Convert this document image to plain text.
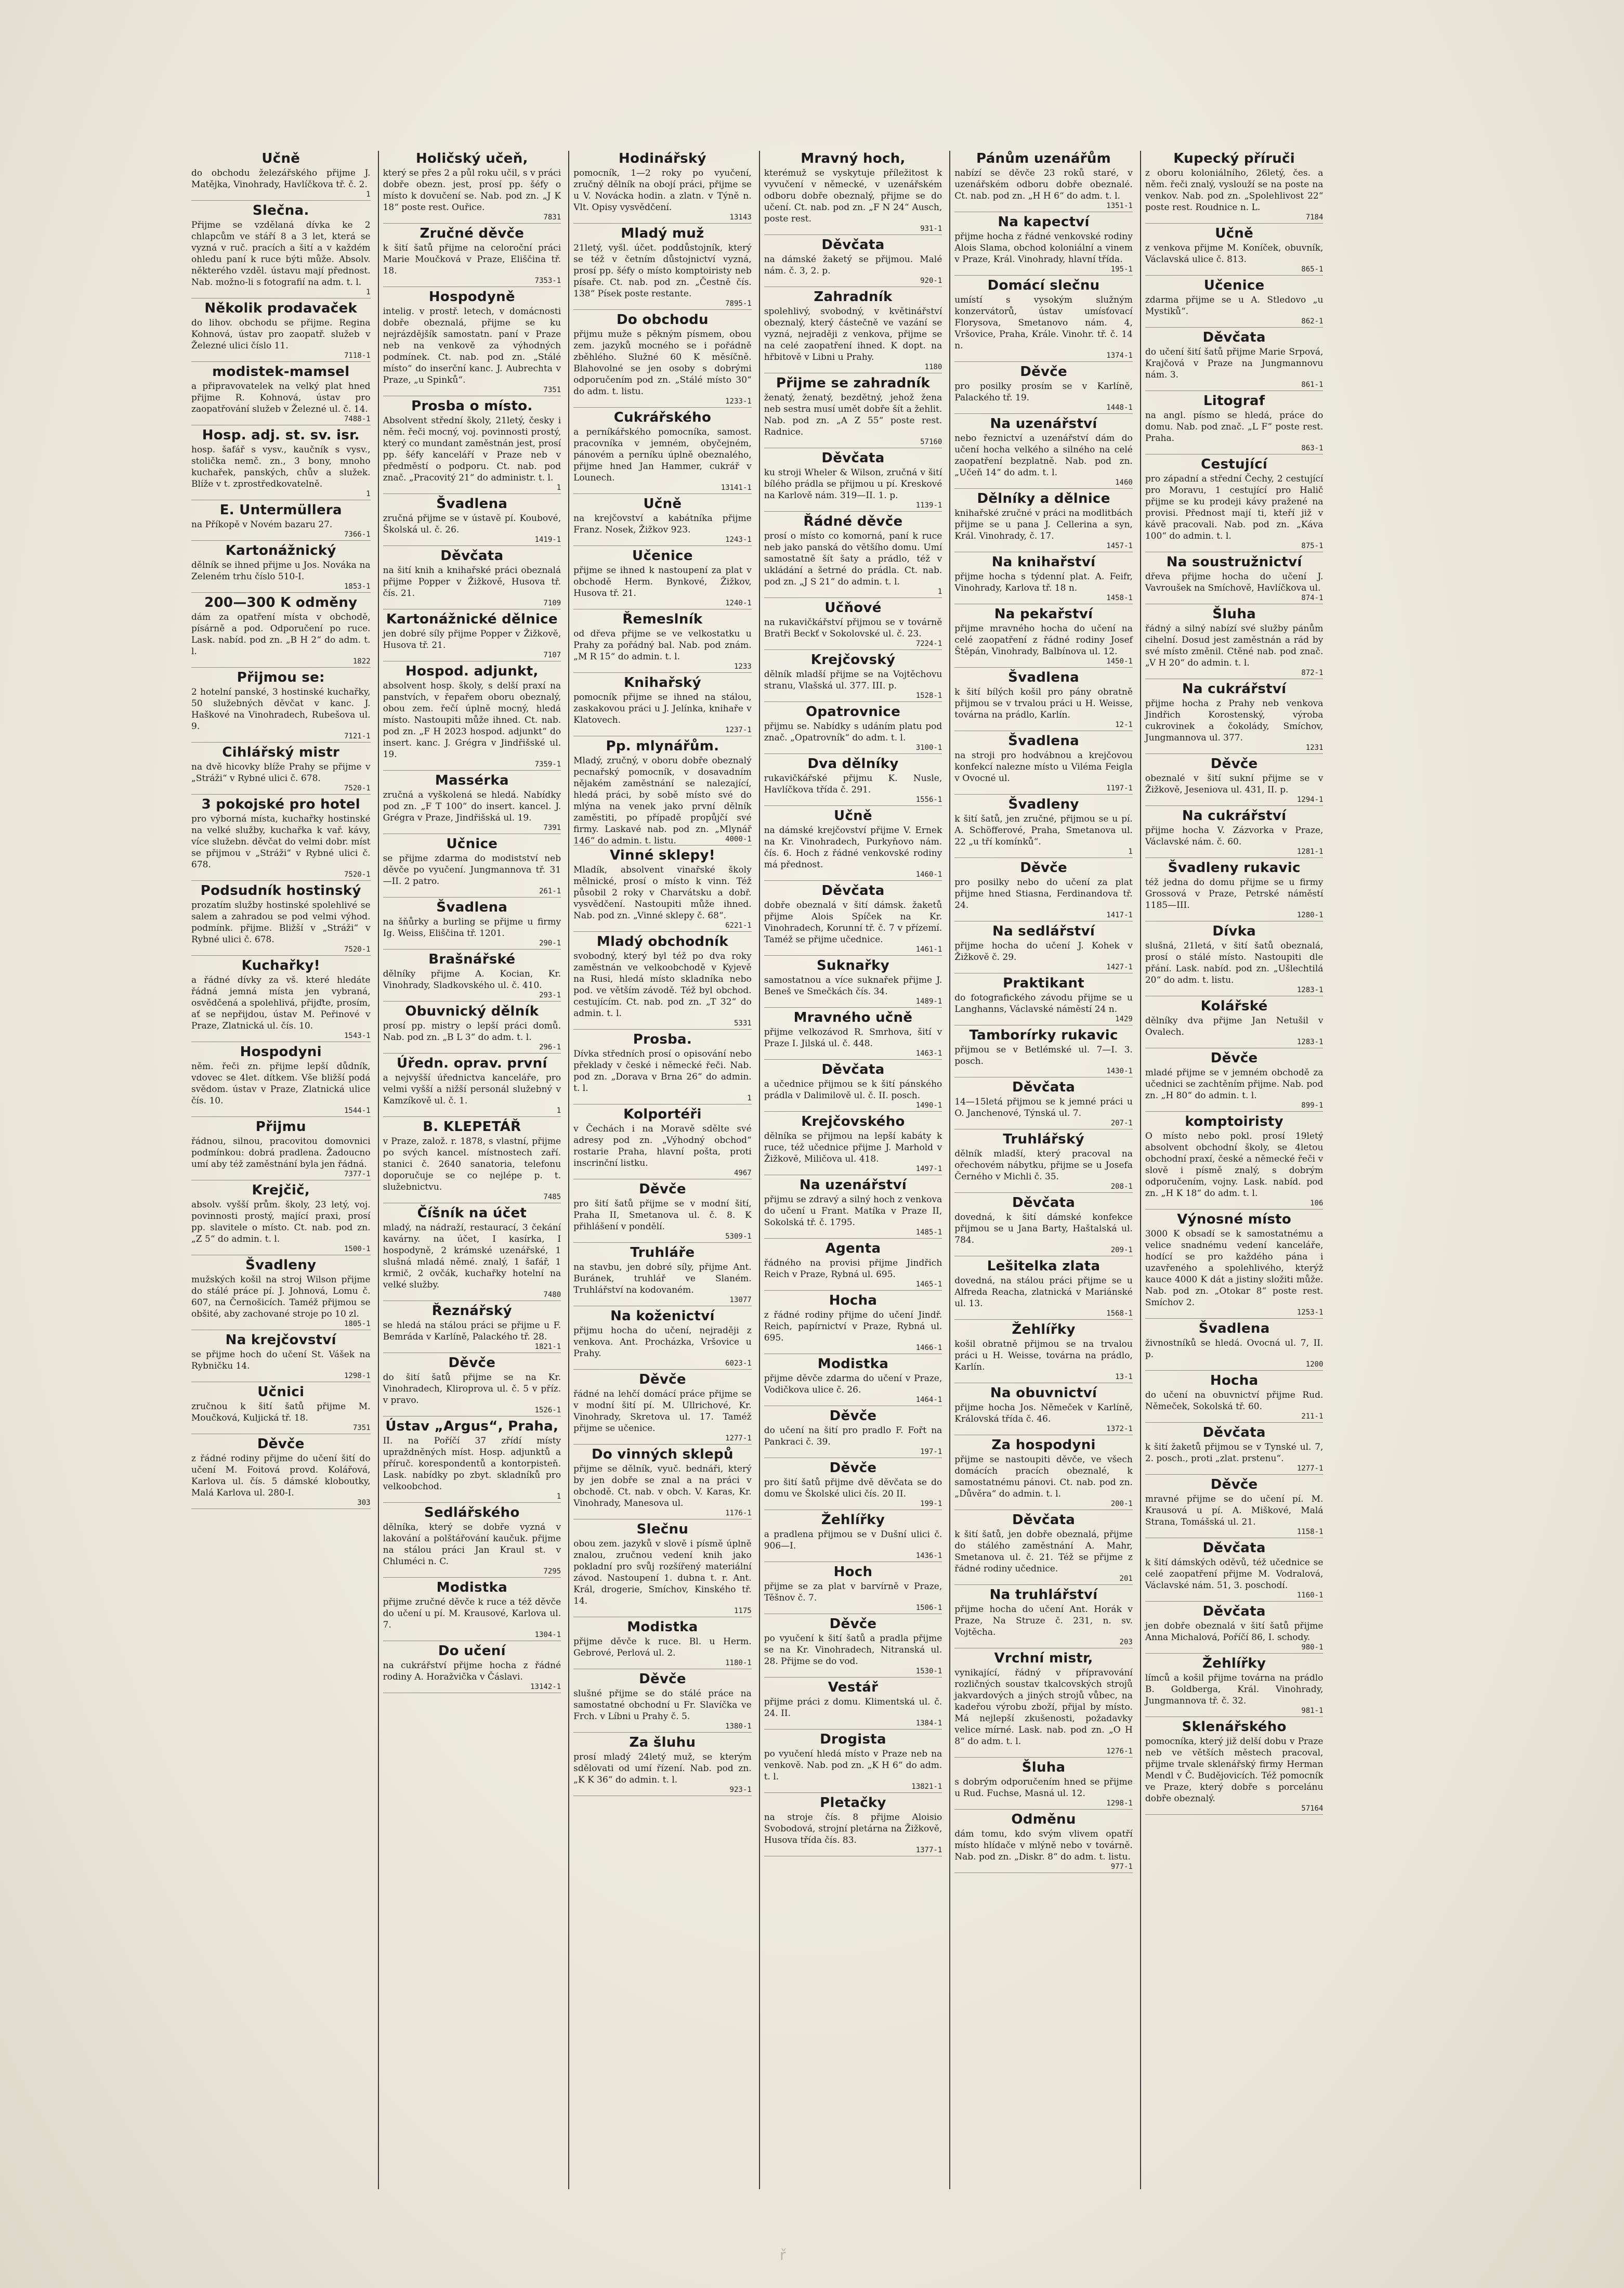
Učně

do obchodu železářského přijme J. Matějka, Vinohrady, Havlíčkova tř. č. 2.

1
Slečna.

Přijme se vzdělaná dívka ke 2 chlapcům ve stáří 8 a 3 let, která se vyzná v ruč. pracích a šití a v každém ohledu paní k ruce býti může. Absolv. některého vzděl. ústavu mají přednost. Nab. možno-li s fotografií na adm. t. l.

1
Několik prodavaček

do lihov. obchodu se přijme. Regina Kohnová, ústav pro zaopatř. služeb v Železné ulici číslo 11.

7118-1
modistek-mamsel

a připravovatelek na velký plat hned přijme R. Kohnová, ústav pro zaopatřování služeb v Železné ul. č. 14.

7488-1
Hosp. adj. st. sv. isr.

hosp. šafář s vysv., kaučník s vysv., stolička nemč. zn., 3 bony, mnoho kuchařek, panských, chův a služek. Blíže v t. zprostředkovatelně.

1
E. Untermüllera

na Příkopě v Novém bazaru 27.

7366-1
Kartonážnický

dělník se ihned přijme u Jos. Nováka na Zeleném trhu číslo 510-I.

1853-1
200—300 K odměny

dám za opatření místa v obchodě, písárně a pod. Odporučení po ruce. Lask. nabíd. pod zn. „B H 2“ do adm. t. l.

1822
Přijmou se:

2 hotelní panské, 3 hostinské kuchařky, 50 služebných děvčat v kanc. J. Haškové na Vinohradech, Rubešova ul. 9.

7121-1
Cihlářský mistr

na dvě hicovky blíže Prahy se přijme v „Stráži“ v Rybné ulici č. 678.

7520-1
3 pokojské pro hotel

pro výborná místa, kuchařky hostinské na velké služby, kuchařka k vař. kávy, více služebn. děvčat do velmi dobr. míst se přijmou v „Stráži“ v Rybné ulici č. 678.

7520-1
Podsudník hostinský

prozatím služby hostinské spolehlivé se salem a zahradou se pod velmi výhod. podmínk. přijme. Bližší v „Stráži“ v Rybné ulici č. 678.

7520-1
Kuchařky!

a řádné dívky za vš. které hledáte řádná jemná místa jen vybraná, osvědčená a spolehlivá, přijďte, prosím, ať se nepřijdou, ústav M. Peřinové v Praze, Zlatnická ul. čís. 10.

1543-1
Hospodyni

něm. řeči zn. přijme lepší důdník, vdovec se 4let. dítkem. Vše bližší podá svědom. ústav v Praze, Zlatnická ulice čís. 10.

1544-1
Přijmu

řádnou, silnou, pracovitou domovnici podmínkou: dobrá pradlena. Žadoucno umí aby též zaměstnání byla jen řádná.

7377-1
Krejčič,

absolv. vyšší prům. školy, 23 letý, voj. povinnosti prostý, mající praxi, prosí pp. slavitele o místo. Ct. nab. pod zn. „Z 5“ do admin. t. l.

1500-1
Švadleny

mužských košil na stroj Wilson přijme do stálé práce pí. J. Johnová, Lomu č. 607, na Černošicích. Taméž přijmou se obšité, aby zachované stroje po 10 zl.

1805-1
Na krejčovství

se přijme hoch do učení St. Vášek na Rybničku 14.

1298-1
Učnici

zručnou k šití šatů přijme M. Moučková, Kuljická tř. 18.

7351
Děvče

z řádné rodiny přijme do učení šití do učení M. Foitová provd. Kolářová, Karlova ul. čís. 5 dámské kloboutky, Malá Karlova ul. 280-I.

303
Holičský učeň,

který se přes 2 a půl roku učil, s v práci dobře obezn. jest, prosí pp. šéfy o místo k dovučení se. Nab. pod zn. „J K 18“ poste rest. Ouřice.

7831
Zručné děvče

k šití šatů přijme na celoroční práci Marie Moučková v Praze, Eliščina tř. 18.

7353-1
Hospodyně

intelig. v prostř. letech, v domácnosti dobře obeznalá, přijme se ku nejrázdějšík samostatn. paní v Praze neb na venkově za výhodných podmínek. Ct. nab. pod zn. „Stálé místo“ do inserční kanc. J. Aubrechta v Praze, „u Spinků“.

7351
Prosba o místo.

Absolvent střední školy, 21letý, česky i něm. řeči mocný, voj. povinnosti prostý, který co mundant zaměstnán jest, prosí pp. šéfy kanceláří v Praze neb v předměstí o podporu. Ct. nab. pod znač. „Pracovitý 21“ do administr. t. l.

1
Švadlena

zručná přijme se v ústavě pí. Koubové, Školská ul. č. 26.

1419-1
Děvčata

na šití knih a knihařské práci obeznalá přijme Popper v Žižkově, Husova tř. čís. 21.

7109
Kartonážnické dělnice

jen dobré síly přijme Popper v Žižkově, Husova tř. 21.

7107
Hospod. adjunkt,

absolvent hosp. školy, s delší praxí na panstvích, v řepařem oboru obeznalý, obou zem. řečí úplně mocný, hledá místo. Nastoupiti může ihned. Ct. nab. pod zn. „F H 2023 hospod. adjunkt“ do insert. kanc. J. Grégra v Jindřišské ul. 19.

7359-1
Massérka

zručná a vyškolená se hledá. Nabídky pod zn. „F T 100“ do insert. kancel. J. Grégra v Praze, Jindřišská ul. 19.

7391
Učnice

se přijme zdarma do modistství neb děvče po vyučení. Jungmannova tř. 31—II. 2 patro.

261-1
Švadlena

na šňůrky a burling se přijme u firmy Ig. Weiss, Eliščina tř. 1201.

290-1
Brašnářské

dělníky přijme A. Kocian, Kr. Vinohrady, Sladkovského ul. č. 410.

293-1
Obuvnický dělník

prosí pp. mistry o lepší práci domů. Nab. pod zn. „B L 3“ do adm. t. l.

296-1
Úředn. oprav. první

a nejvyšší úřednictva kanceláře, pro velmi vyšší a nižší personál služebný v Kamzíkově ul. č. 1.

1
B. KLEPETÁŘ

v Praze, založ. r. 1878, s vlastní, přijme po svých kancel. místnostech zaří. stanici č. 2640 sanatoria, telefonu doporučuje se co nejlépe p. t. služebnictvu.

7485
Číšník na účet

mladý, na nádraží, restaurací, 3 čekání kavárny. na účet, I kasírka, I hospodyně, 2 krámské uzenářské, 1 slušná mladá němé. znalý, 1 šafář, 1 krmič, 2 ovčák, kuchařky hotelní na velké služby.

7480
Řeznářský

se hledá na stálou práci se přijme u F. Bemráda v Karlíně, Palackého tř. 28.

1821-1
Děvče

do šití šatů přijme se na Kr. Vinohradech, Kliroprova ul. č. 5 v příz. v pravo.

1526-1
Ústav „Argus“, Praha,

II. na Poříčí 37 zřídí místy upraždněných míst. Hosp. adjunktů a příruč. korespondentů a kontorpisteň. Lask. nabídky po zbyt. skladníků pro velkoobchod.

1
Sedlářského

dělníka, který se dobře vyzná v lakování a polštářování kaučuk. přijme na stálou práci Jan Kraul st. v Chluméci n. C.

7295
Modistka

přijme zručné děvče k ruce a též děvče do učení u pí. M. Krausové, Karlova ul. 7.

1304-1
Do učení

na cukrářství přijme hocha z řádné rodiny A. Horažvička v Čáslavi.

13142-1
Hodinářský

pomocník, 1—2 roky po vyučení, zručný dělník na obojí práci, přijme se u V. Novácka hodin. a zlatn. v Týně n. Vlt. Opisy vysvědčení.

13143
Mladý muž

21letý, vyšl. účet. poddůstojník, který se též v četním důstojnictví vyzná, prosí pp. šéfy o místo komptoiristy neb písaře. Ct. nab. pod zn. „Čestně čís. 138“ Písek poste restante.

7895-1
Do obchodu

přijmu muže s pěkným písmem, obou zem. jazyků mocného se i pořádně zběhlého. Služné 60 K měsíčně. Blahovolné se jen osoby s dobrými odporučením pod zn. „Stálé místo 30“ do adm. t. listu.

1233-1
Cukrářského

a perníkářského pomocníka, samost. pracovníka v jemném, obyčejném, pánovém a perníku úplně obeznalého, přijme hned Jan Hammer, cukrář v Lounech.

13141-1
Učně

na krejčovství a kabátníka přijme Franz. Nosek, Žižkov 923.

1243-1
Učenice

přijme se ihned k nastoupení za plat v obchodě Herm. Bynkové, Žižkov, Husova tř. 21.

1240-1
Řemeslník

od dřeva přijme se ve velkostatku u Prahy za pořádný bal. Nab. pod znám. „M R 15“ do admin. t. l.

1233
Knihařský

pomocník přijme se ihned na stálou, zaskakovou práci u J. Jelínka, knihaře v Klatovech.

1237-1
Pp. mlynářům.

Mladý, zručný, v oboru dobře obeznalý pecnařský pomocník, v dosavadním nějakém zaměstnání se nalezající, hledá práci, by sobě místo své do mlýna na venek jako první dělník zaměstiti, po případě propůjčí své firmy. Laskavé nab. pod zn. „Mlynář 146“ do admin. t. listu.	4000-1
Vinné sklepy!

Mladík, absolvent vinařské školy mělnické, prosí o místo k vinn. Též působil 2 roky v Charvátsku a dobř. vysvědčení. Nastoupiti může ihned. Nab. pod zn. „Vinné sklepy č. 68“.

6221-1
Mladý obchodník

svobodný, který byl též po dva roky zaměstnán ve velkoobchodě v Kyjevě na Rusi, hledá místo skladníka nebo pod. ve větším závodě. Též byl obchod. cestujícím. Ct. nab. pod zn. „T 32“ do admin. t. l.

5331
Prosba.

Dívka středních prosí o opisování nebo překlady v české i německé řeči. Nab. pod zn. „Dorava v Brna 26“ do admin. t. l.

1
Kolportéři

v Čechách i na Moravě sdělte své adresy pod zn. „Výhodný obchod“ rostarie Praha, hlavní pošta, proti inscrinční listku.

4967
Děvče

pro šití šatů přijme se v modní šití, Praha II, Smetanova ul. č. 8. K přihlášení v pondělí.

5309-1
Truhláře

na stavbu, jen dobré síly, přijme Ant. Buránek, truhlář ve Slaném. Truhlářství na kodovaném.

13077
Na koženictví

přijmu hocha do učení, nejraději z venkova. Ant. Procházka, Vršovice u Prahy.

6023-1
Děvče

řádné na lehčí domácí práce přijme se v modní šití pí. M. Ullrichové, Kr. Vinohrady, Skretova ul. 17. Taméž přijme se učenice.

1277-1
Do vinných sklepů

přijme se dělník, vyuč. bednáři, který by jen dobře se znal a na práci v obchodě. Ct. nab. v obch. V. Karas, Kr. Vinohrady, Manesova ul.

1176-1
Slečnu

obou zem. jazyků v slově i písmě úplně znalou, zručnou vedení knih jako pokladní pro svůj rozšířený materiální závod. Nastoupení 1. dubna t. r. Ant. Král, drogerie, Smíchov, Kinského tř. 14.

1175
Modistka

přijme děvče k ruce. Bl. u Herm. Gebrové, Perlová ul. 2.

1180-1
Děvče

slušné přijme se do stálé práce na samostatné obchodní u Fr. Slavíčka ve Frch. v Líbni u Prahy č. 5.

1380-1
Za šluhu

prosí mladý 24letý muž, se kterým sdělovati od umí řízení. Nab. pod zn. „K K 36“ do admin. t. l.

923-1
Mravný hoch,

kterémuž se vyskytuje příležitost k vyvučení v německé, v uzenářském odboru dobře obeznalý, přijme se do učení. Ct. nab. pod zn. „F N 24“ Ausch, poste rest.

931-1
Děvčata

na dámské žaketý se přijmou. Malé nám. č. 3, 2. p.

920-1
Zahradník

spolehlivý, svobodný, v květinářství obeznalý, který částečně ve vazání se vyzná, nejraději z venkova, přijme se na celé zaopatření ihned. K dopt. na hřbitově v Libni u Prahy.

1180
Přijme se zahradník

ženatý, ženatý, bezdětný, jehož žena neb sestra musí umět dobře šít a žehlit. Nab. pod zn. „A Z 55“ poste rest. Radnice.

57160
Děvčata

ku stroji Wheler & Wilson, zručná v šití bílého prádla se přijmou u pí. Kreskové na Karlově nám. 319—II. 1. p.

1139-1
Řádné děvče

prosí o místo co komorná, paní k ruce neb jako panská do většího domu. Umí samostatně šít šaty a prádlo, též v ukládání a šetrné do prádla. Ct. nab. pod zn. „J S 21“ do admin. t. l.

1
Učňové

na rukavičkářství přijmou se v továrně Bratři Beckť v Sokolovské ul. č. 23.

7224-1
Krejčovský

dělník mladší přijme se na Vojtěchovu stranu, Vlašská ul. 377. III. p.

1528-1
Opatrovnice

přijmu se. Nabídky s udáním platu pod znač. „Opatrovník“ do adm. t. l.

3100-1
Dva dělníky

rukavičkářské přijmu K. Nusle, Havlíčkova třída č. 291.

1556-1
Učně

na dámské krejčovství přijme V. Ernek na Kr. Vinohradech, Purkyňovo nám. čís. 6. Hoch z řádné venkovské rodiny má přednost.

1460-1
Děvčata

dobře obeznalá v šití dámsk. žaketů přijme Alois Spíček na Kr. Vinohradech, Korunní tř. č. 7 v přízemí. Taméž se přijme učednice.

1461-1
Suknařky

samostatnou a více suknařek přijme J. Beneš ve Smečkách čís. 34.

1489-1
Mravného učně

přijme velkozávod R. Smrhova, šití v Praze I. Jilská ul. č. 448.

1463-1
Děvčata

a učednice přijmou se k šití pánského prádla v Dalimilově ul. č. II. posch.

1490-1
Krejčovského

dělníka se přijmou na lepší kabáty k ruce, též učednice přijme J. Marhold v Žižkově, Miličova ul. 418.

1497-1
Na uzenářství

přijmu se zdravý a silný hoch z venkova do učení u Frant. Matíka v Praze II, Sokolská tř. č. 1795.

1485-1
Agenta

řádného na provisi přijme Jindřich Reich v Praze, Rybná ul. 695.

1465-1
Hocha

z řádné rodiny přijme do učení Jindř. Reich, papírnictví v Praze, Rybná ul. 695.

1466-1
Modistka

přijme děvče zdarma do učení v Praze, Vodičkova ulice č. 26.

1464-1
Děvče

do učení na šití pro pradlo F. Fořt na Pankraci č. 39.

197-1
Děvče

pro šití šatů přijme dvě děvčata se do domu ve Školské ulici čís. 20 II.

199-1
Žehlířky

a pradlena přijmou se v Dušní ulici č. 906—I.

1436-1
Hoch

přijme se za plat v barvírně v Praze, Těšnov č. 7.

1506-1
Děvče

po vyučení k šití šatů a pradla přijme se na Kr. Vinohradech, Nitranská ul. 28. Přijme se do vod.

1530-1
Vestář

přijme práci z domu. Klimentská ul. č. 24. II.

1384-1
Drogista

po vyučení hledá místo v Praze neb na venkově. Nab. pod zn. „K H 6“ do adm. t. l.

13821-1
Pletačky

na stroje čís. 8 přijme Aloisio Svobodová, strojní pletárna na Žižkově, Husova třída čís. 83.

1377-1
Pánům uzenářům

nabízí se děvče 23 roků staré, v uzenářském odboru dobře obeznalé. Ct. nab. pod zn. „H H 6“ do adm. t. l.

1351-1
Na kapectví

přijme hocha z řádné venkovské rodiny Alois Slama, obchod koloniální a vinem v Praze, Král. Vinohrady, hlavní třída.

195-1
Domácí slečnu

umístí s vysokým služným konzervátorů, ústav umísťovací Florysova, Smetanovo nám. 4, Vršovice, Praha, Krále. Vinohr. tř. č. 14 n.

1374-1
Děvče

pro posilky prosím se v Karlíně, Palackého tř. 19.

1448-1
Na uzenářství

nebo řeznictví a uzenářství dám do učení hocha velkého a silného na celé zaopatření bezplatně. Nab. pod zn. „Učeň 14“ do adm. t. l.

1460
Dělníky a dělnice

knihařské zručné v práci na modlitbách přijme se u pana J. Cellerina a syn, Král. Vinohrady, č. 17.

1457-1
Na knihařství

přijme hocha s týdenní plat. A. Feifr, Vinohrady, Karlova tř. 18 n.

1458-1
Na pekařství

přijme mravného hocha do učení na celé zaopatření z řádné rodiny Josef Štěpán, Vinohrady, Balbínova ul. 12.

1450-1
Švadlena

k šití bílých košil pro pány obratně přijmou se v trvalou práci u H. Weisse, továrna na prádlo, Karlín.

12-1
Švadlena

na stroji pro hodvábnou a krejčovou konfekcí nalezne místo u Viléma Feigla v Ovocné ul.

1197-1
Švadleny

k šití šatů, jen zručné, přijmou se u pí. A. Schöfferové, Praha, Smetanova ul. 22 „u tří komínků“.

1
Děvče

pro posilky nebo do učení za plat přijme hned Stiasna, Ferdinandova tř. 24.

1417-1
Na sedlářství

přijme hocha do učení J. Kohek v Žižkově č. 29.

1427-1
Praktikant

do fotografického závodu přijme se u Langhanns, Václavské náměstí 24 n.

1429
Tamborírky rukavic

přijmou se v Betlémské ul. 7—I. 3. posch.

1430-1
Děvčata

14—15letá přijmou se k jemné práci u O. Janchenové, Týnská ul. 7.

207-1
Truhlářský

dělník mladší, který pracoval na ořechovém nábytku, přijme se u Josefa Černého v Michli č. 35.

208-1
Děvčata

dovedná, k šití dámské konfekce přijmou se u Jana Barty, Haštalská ul. 784.

209-1
Lešitelka zlata

dovedná, na stálou práci přijme se u Alfreda Reacha, zlatnická v Mariánské ul. 13.

1568-1
Žehlířky

košil obratně přijmou se na trvalou práci u H. Weisse, továrna na prádlo, Karlín.

13-1
Na obuvnictví

přijme hocha Jos. Němeček v Karlíně, Královská třída č. 46.

1372-1
Za hospodyni

přijme se nastoupiti děvče, ve všech domácích pracích obeznalé, k samostatnému pánovi. Ct. nab. pod zn. „Důvěra“ do admin. t. l.

200-1
Děvčata

k šití šatů, jen dobře obeznalá, přijme do stálého zaměstnání A. Mahr, Smetanova ul. č. 21. Též se přijme z řádné rodiny učednice.

201
Na truhlářství

přijme hocha do učení Ant. Horák v Praze, Na Struze č. 231, n. sv. Vojtěcha.

203
Vrchní mistr,

vynikající, řádný v přípravování rozličných soustav tkalcovských strojů jakvardových a jiných strojů vůbec, na kadeřou výrobu zboží, přijal by místo. Má nejlepší zkušenosti, požadavky velice mírné. Lask. nab. pod zn. „O H 8“ do adm. t. l.

1276-1
Šluha

s dobrým odporučením hned se přijme u Rud. Fuchse, Masná ul. 12.

1298-1
Odměnu

dám tomu, kdo svým vlivem opatří místo hlídače v mlýně nebo v továrně. Nab. pod zn. „Diskr. 8“ do adm. t. listu.

977-1
Kupecký příruči

z oboru koloniálního, 26letý, čes. a něm. řeči znalý, vyslouží se na poste na venkov. Nab. pod zn. „Spolehlivost 22“ poste rest. Roudnice n. L.

7184
Učně

z venkova přijme M. Koníček, obuvník, Václavská ulice č. 813.

865-1
Učenice

zdarma přijme se u A. Stledovo „u Mystiků“.

862-1
Děvčata

do učení šití šatů přijme Marie Srpová, Krajčová v Praze na Jungmannovu nám. 3.

861-1
Litograf

na angl. písmo se hledá, práce do domu. Nab. pod znač. „L F“ poste rest. Praha.

863-1
Cestující

pro západní a střední Čechy, 2 cestující pro Moravu, 1 cestující pro Halič přijme se ku prodeji kávy pražené na provisi. Přednost mají ti, kteří již v kávě pracovali. Nab. pod zn. „Káva 100“ do admin. t. l.

875-1
Na soustružnictví

dřeva přijme hocha do učení J. Vavroušek na Smíchově, Havlíčkova ul.

874-1
Šluha

řádný a silný nabízí své služby pánům cihelní. Dosud jest zaměstnán a rád by své místo změnil. Ctěné nab. pod znač. „V H 20“ do admin. t. l.

872-1
Na cukrářství

přijme hocha z Prahy neb venkova Jindřich Korostenský, výroba cukrovinek a čokolády, Smíchov, Jungmannova ul. 377.

1231
Děvče

obeznalé v šití sukní přijme se v Žižkově, Jeseniova ul. 431, II. p.

1294-1
Na cukrářství

přijme hocha V. Zázvorka v Praze, Václavské nám. č. 60.

1281-1
Švadleny rukavic

též jedna do domu přijme se u firmy Grossová v Praze, Petrské náměstí 1185—III.

1280-1
Dívka

slušná, 21letá, v šití šatů obeznalá, prosí o stálé místo. Nastoupiti dle přání. Lask. nabíd. pod zn. „Ušlechtilá 20“ do adm. t. listu.

1283-1
Kolářské

dělníky dva přijme Jan Netušil v Ovalech.

1283-1
Děvče

mladé přijme se v jemném obchodě za učednici se zachtěním přijme. Nab. pod zn. „H 80“ do admin. t. l.

899-1
komptoiristy

O místo nebo pokl. prosí 19letý absolvent obchodní školy, se 4letou obchodní praxí, české a německé řeči v slově i písmě znalý, s dobrým odporučením, vojny. Lask. nabíd. pod zn. „H K 18“ do adm. t. l.

106
Výnosné místo

3000 K obsadí se k samostatnému a velice snadnému vedení kanceláře, hodící se pro každého pána i uzavřeného a spolehlivého, kterýž kauce 4000 K dát a jistiny složiti může. Nab. pod zn. „Otokar 8“ poste rest. Smíchov 2.

1253-1
Švadlena

živnostníků se hledá. Ovocná ul. 7, II. p.

1200
Hocha

do učení na obuvnictví přijme Rud. Němeček, Sokolská tř. 60.

211-1
Děvčata

k šití žaketů přijmou se v Tynské ul. 7, 2. posch., proti „zlat. prstenu“.

1277-1
Děvče

mravné přijme se do učení pí. M. Krausová u pí. A. Miškové, Malá Strana, Tomášská ul. 21.

1158-1
Děvčata

k šití dámských oděvů, též učednice se celé zaopatření přijme M. Vodralová, Václavské nám. 51, 3. poschodí.

1160-1
Děvčata

jen dobře obeznalá v šití šatů přijme Anna Michalová, Poříčí 86, I. schody.

980-1
Žehlířky

límců a košil přijme továrna na prádlo B. Goldberga, Král. Vinohrady, Jungmannova tř. č. 32.

981-1
Sklenářského

pomocníka, který již delší dobu v Praze neb ve větších městech pracoval, přijme trvale sklenářský firmy Herman Mendl v Č. Budějovicích. Též pomocník ve Praze, který dobře s porcelánu dobře obeznalý.

57164
ř
